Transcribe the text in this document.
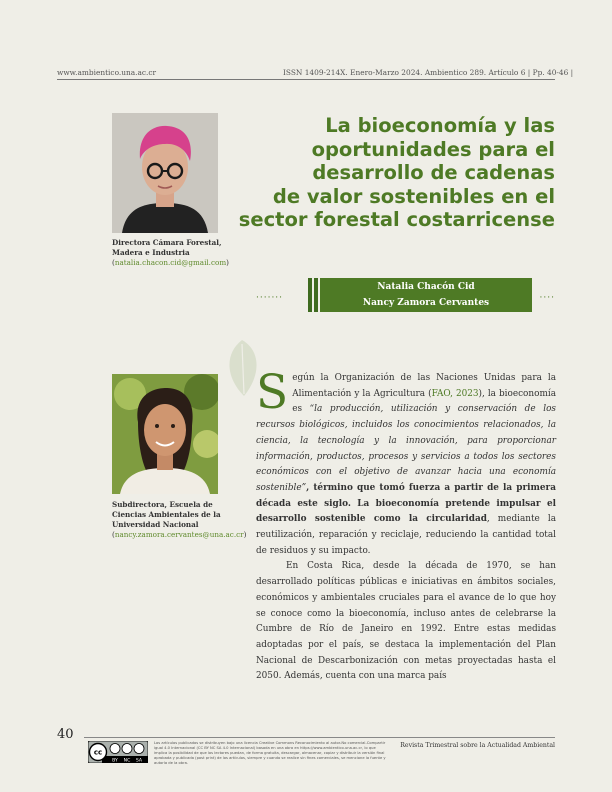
www.ambientico.una.ac.cr	ISSN 1409-214X. Enero-Marzo 2024. Ambientico 289. Artículo 6 | Pp. 40-46 |
Directora Cámara Forestal, Madera e Industria (natalia.chacon.cid@gmail.com)
Subdirectora, Escuela de Ciencias Ambientales de la Universidad Nacional (nancy.zamora.cervantes@una.ac.cr)
La bioeconomía y las
oportunidades para el
desarrollo de cadenas
de valor sostenibles en el
sector forestal costarricense
·······
Natalia Chacón Cid
Nancy Zamora Cervantes	····

Según la Organización de las Naciones Unidas para la Alimentación y la Agricultura (FAO, 2023), la bioeconomía es “la producción, utilización y conservación de los recursos biológicos, incluidos los conocimientos relacionados, la ciencia, la tecnología y la innovación, para proporcionar información, productos, procesos y servicios a todos los sectores económicos con el objetivo de avanzar hacia una economía sostenible”, término que tomó fuerza a partir de la primera década este siglo. La bioeconomía pretende impulsar el desarrollo sostenible como la circularidad, mediante la reutilización, reparación y reciclaje, reduciendo la cantidad total de residuos y su impacto.

En Costa Rica, desde la década de 1970, se han desarrollado políticas públicas e iniciativas en ámbitos sociales, económicos y ambientales cruciales para el avance de lo que hoy se conoce como la bioeconomía, incluso antes de celebrarse la Cumbre de Río de Janeiro en 1992. Entre estas medidas adoptadas por el país, se destaca la implementación del Plan Nacional de Descarbonización con metas proyectadas hasta el 2050. Además, cuenta con una marca país

40
cc
BY NC SA
Los artículos publicados se distribuyen bajo una licencia Creative Commons Reconocimiento al autor-No comercial-Compartir igual 4.0 Internacional (CC BY NC SA 4.0 Internacional) basada en una obra en https://www.ambientico.una.ac.cr, lo que implica la posibilidad de que los lectores puedan, de forma gratuita, descargar, almacenar, copiar y distribuir la versión final aprobada y publicada (post print) de los artículos, siempre y cuando se realice sin fines comerciales, se mencione la fuente y autoría de la obra.
Revista Trimestral sobre la Actualidad Ambiental
